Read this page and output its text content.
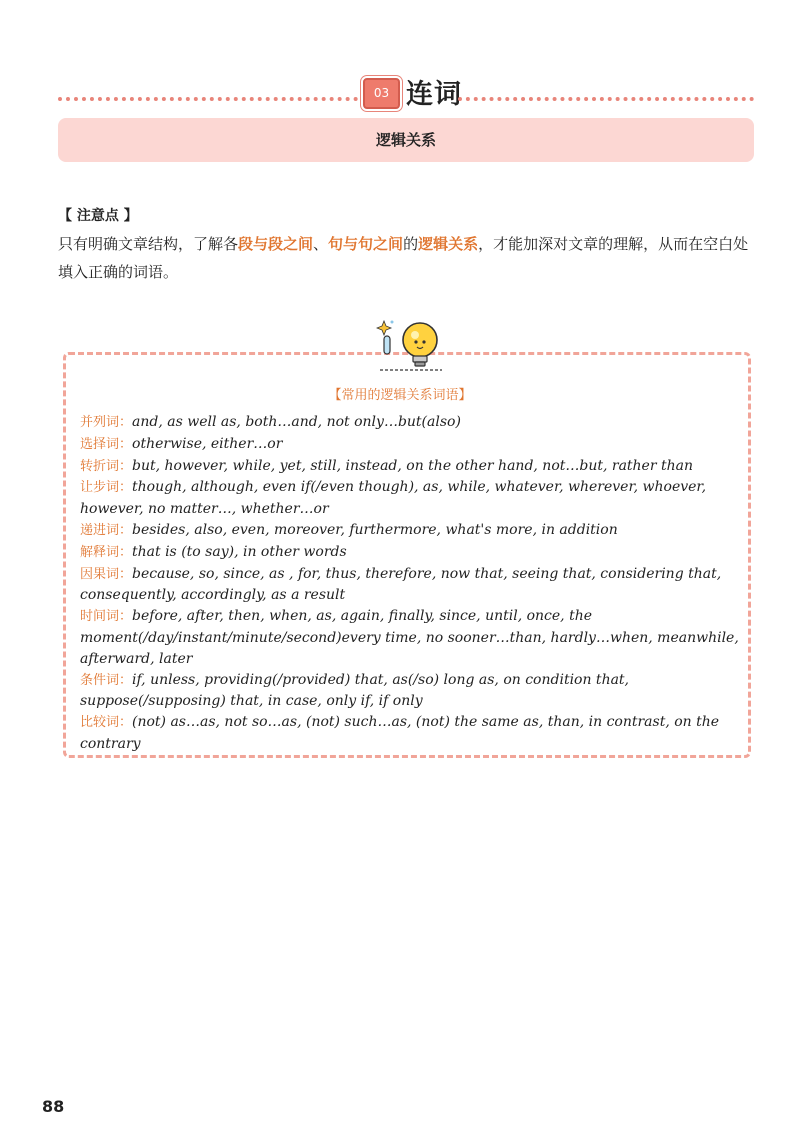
03 连词
逻辑关系
【 注意点 】
只有明确文章结构，了解各段与段之间、句与句之间的逻辑关系，才能加深对文章的理解，从而在空白处填入正确的词语。
【常用的逻辑关系词语】

并列词：and, as well as, both…and, not only…but(also)

选择词：otherwise, either…or

转折词：but, however, while, yet, still, instead, on the other hand, not…but, rather than

让步词：though, although, even if(/even though), as, while, whatever, wherever, whoever, however, no matter…, whether…or

递进词：besides, also, even, moreover, furthermore, what's more, in addition

解释词：that is (to say), in other words

因果词：because, so, since, as , for, thus, therefore, now that, seeing that, considering that, consequently, accordingly, as a result

时间词：before, after, then, when, as, again, finally, since, until, once, the moment(/day/instant/minute/second)every time, no sooner…than, hardly…when, meanwhile, afterward, later

条件词：if, unless, providing(/provided) that, as(/so) long as, on condition that, suppose(/supposing) that, in case, only if, if only

比较词：(not) as…as, not so…as, (not) such…as, (not) the same as, than, in contrast, on the contrary

88
